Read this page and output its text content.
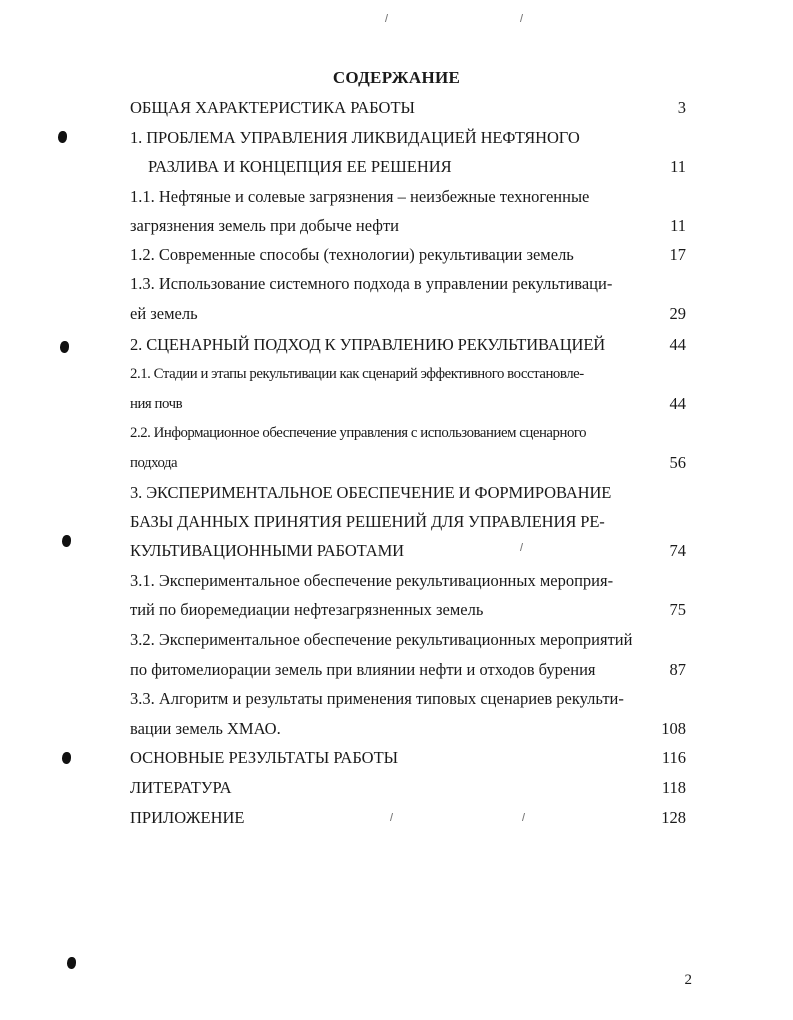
СОДЕРЖАНИЕ
ОБЩАЯ ХАРАКТЕРИСТИКА РАБОТЫ	3
1. ПРОБЛЕМА УПРАВЛЕНИЯ ЛИКВИДАЦИЕЙ НЕФТЯНОГО
РАЗЛИВА И КОНЦЕПЦИЯ ЕЕ РЕШЕНИЯ	11
1.1. Нефтяные и солевые загрязнения – неизбежные техногенные
загрязнения земель при добыче нефти	11
1.2. Современные способы (технологии) рекультивации земель	17
1.3. Использование системного подхода в управлении рекультиваци-
ей земель	29
2. СЦЕНАРНЫЙ ПОДХОД К УПРАВЛЕНИЮ РЕКУЛЬТИВАЦИЕЙ	44
2.1. Стадии и этапы рекультивации как сценарий эффективного восстановле-
ния почв	44
2.2. Информационное обеспечение управления с использованием сценарного
подхода	56
3. ЭКСПЕРИМЕНТАЛЬНОЕ ОБЕСПЕЧЕНИЕ И ФОРМИРОВАНИЕ
БАЗЫ ДАННЫХ ПРИНЯТИЯ РЕШЕНИЙ ДЛЯ УПРАВЛЕНИЯ РЕ-
КУЛЬТИВАЦИОННЫМИ РАБОТАМИ	74
3.1. Экспериментальное обеспечение рекультивационных мероприя-
тий по биоремедиации нефтезагрязненных земель	75
3.2. Экспериментальное обеспечение рекультивационных мероприятий
по фитомелиорации земель при влиянии нефти и отходов бурения	87
3.3. Алгоритм и результаты применения типовых сценариев рекульти-
вации земель ХМАО.	108
ОСНОВНЫЕ РЕЗУЛЬТАТЫ РАБОТЫ	116
ЛИТЕРАТУРА	118
ПРИЛОЖЕНИЕ	128
2
